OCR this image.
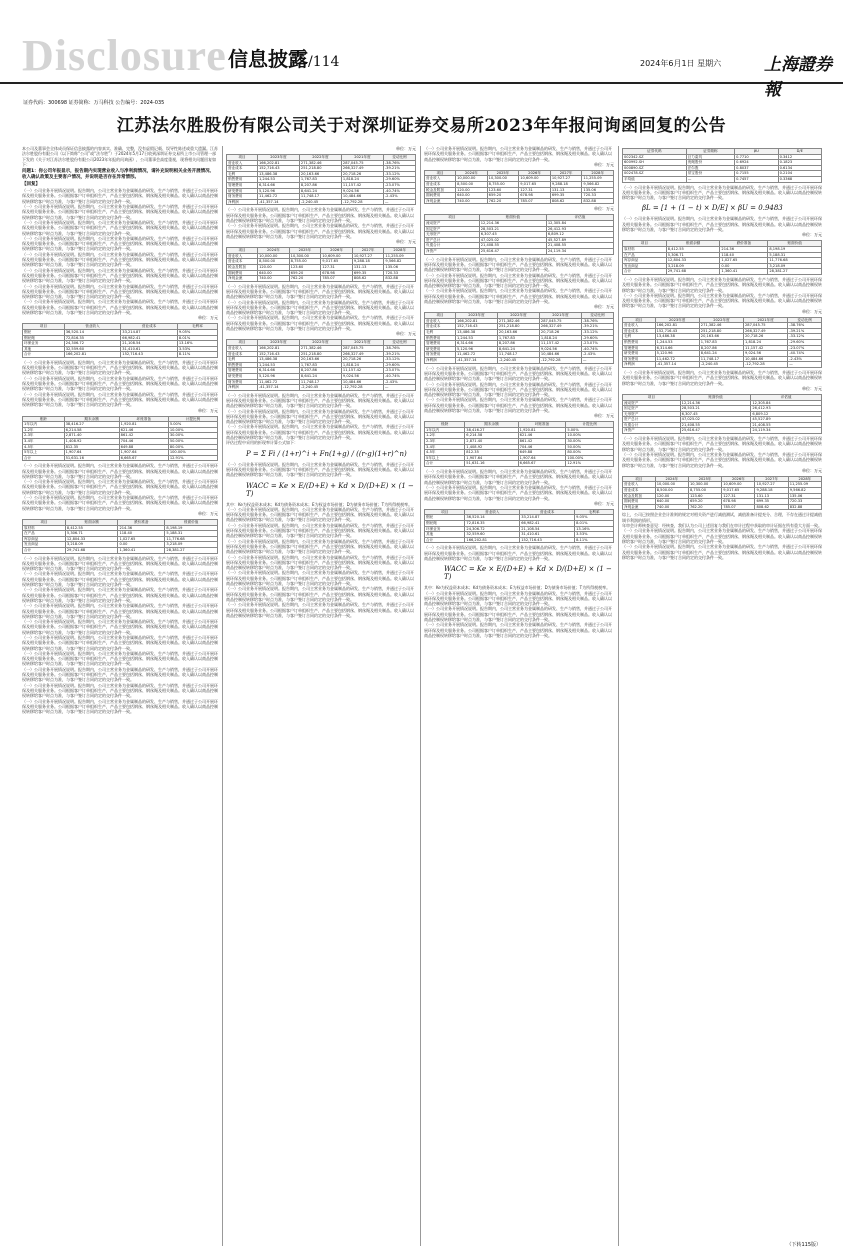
Disclosure 信息披露/114	2024年6月1日 星期六	上海證券報
证券代码：300698 证券简称：万马科技 公告编号：2024-035
江苏法尔胜股份有限公司关于对深圳证券交易所2023年年报问询函回复的公告
本公司及董事会全体成员保证信息披露的内容真实、准确、完整，没有虚假记载、误导性陈述或重大遗漏。江苏法尔胜股份有限公司（以下简称“公司”或“法尔胜”）于2024年5月17日收到深圳证券交易所上市公司管理一部下发的《关于对江苏法尔胜股份有限公司2023年年报的问询函》，公司董事会高度重视，现将相关问题回复如下：
问题1：你公司年报显示，报告期内实现营业收入与净利润情况，请补充说明相关业务开展情况、收入确认政策及主要客户情况，并说明是否存在异常情形。
【回复】
（一）公司业务开展情况说明。报告期内，公司主营业务为金属制品的研发、生产与销售，并通过子公司开展环保及相关服务业务。公司根据客户订单组织生产，产品主要包括钢丝、钢丝绳及相关制品。收入确认以商品控制权转移给客户时点为准，与客户签订合同约定的交付条件一致。
（一）公司业务开展情况说明。报告期内，公司主营业务为金属制品的研发、生产与销售，并通过子公司开展环保及相关服务业务。公司根据客户订单组织生产，产品主要包括钢丝、钢丝绳及相关制品。收入确认以商品控制权转移给客户时点为准，与客户签订合同约定的交付条件一致。
（一）公司业务开展情况说明。报告期内，公司主营业务为金属制品的研发、生产与销售，并通过子公司开展环保及相关服务业务。公司根据客户订单组织生产，产品主要包括钢丝、钢丝绳及相关制品。收入确认以商品控制权转移给客户时点为准，与客户签订合同约定的交付条件一致。
（一）公司业务开展情况说明。报告期内，公司主营业务为金属制品的研发、生产与销售，并通过子公司开展环保及相关服务业务。公司根据客户订单组织生产，产品主要包括钢丝、钢丝绳及相关制品。收入确认以商品控制权转移给客户时点为准，与客户签订合同约定的交付条件一致。
（一）公司业务开展情况说明。报告期内，公司主营业务为金属制品的研发、生产与销售，并通过子公司开展环保及相关服务业务。公司根据客户订单组织生产，产品主要包括钢丝、钢丝绳及相关制品。收入确认以商品控制权转移给客户时点为准，与客户签订合同约定的交付条件一致。
（一）公司业务开展情况说明。报告期内，公司主营业务为金属制品的研发、生产与销售，并通过子公司开展环保及相关服务业务。公司根据客户订单组织生产，产品主要包括钢丝、钢丝绳及相关制品。收入确认以商品控制权转移给客户时点为准，与客户签订合同约定的交付条件一致。
（一）公司业务开展情况说明。报告期内，公司主营业务为金属制品的研发、生产与销售，并通过子公司开展环保及相关服务业务。公司根据客户订单组织生产，产品主要包括钢丝、钢丝绳及相关制品。收入确认以商品控制权转移给客户时点为准，与客户签订合同约定的交付条件一致。
（一）公司业务开展情况说明。报告期内，公司主营业务为金属制品的研发、生产与销售，并通过子公司开展环保及相关服务业务。公司根据客户订单组织生产，产品主要包括钢丝、钢丝绳及相关制品。收入确认以商品控制权转移给客户时点为准，与客户签订合同约定的交付条件一致。
单位：万元
项目	营业收入	营业成本	毛利率
钢丝	36,520.14	33,214.87	9.05%
钢丝绳	72,816.35	66,982.41	8.01%
环保业务	24,306.72	21,108.54	13.16%
其他	32,559.60	31,410.61	3.53%
合计	166,202.81	152,716.43	8.11%
（一）公司业务开展情况说明。报告期内，公司主营业务为金属制品的研发、生产与销售，并通过子公司开展环保及相关服务业务。公司根据客户订单组织生产，产品主要包括钢丝、钢丝绳及相关制品。收入确认以商品控制权转移给客户时点为准，与客户签订合同约定的交付条件一致。
（一）公司业务开展情况说明。报告期内，公司主营业务为金属制品的研发、生产与销售，并通过子公司开展环保及相关服务业务。公司根据客户订单组织生产，产品主要包括钢丝、钢丝绳及相关制品。收入确认以商品控制权转移给客户时点为准，与客户签订合同约定的交付条件一致。
（一）公司业务开展情况说明。报告期内，公司主营业务为金属制品的研发、生产与销售，并通过子公司开展环保及相关服务业务。公司根据客户订单组织生产，产品主要包括钢丝、钢丝绳及相关制品。收入确认以商品控制权转移给客户时点为准，与客户签订合同约定的交付条件一致。
单位：万元
账龄	期末余额	坏账准备	计提比例
1年以内	38,416.27	1,920.81	5.00%
1-2年	6,214.58	621.46	10.00%
2-3年	2,871.40	861.42	30.00%
3-4年	1,408.92	704.46	50.00%
4-5年	812.35	649.88	80.00%
5年以上	1,907.64	1,907.64	100.00%
合计	51,631.16	6,665.67	12.91%
（一）公司业务开展情况说明。报告期内，公司主营业务为金属制品的研发、生产与销售，并通过子公司开展环保及相关服务业务。公司根据客户订单组织生产，产品主要包括钢丝、钢丝绳及相关制品。收入确认以商品控制权转移给客户时点为准，与客户签订合同约定的交付条件一致。
（一）公司业务开展情况说明。报告期内，公司主营业务为金属制品的研发、生产与销售，并通过子公司开展环保及相关服务业务。公司根据客户订单组织生产，产品主要包括钢丝、钢丝绳及相关制品。收入确认以商品控制权转移给客户时点为准，与客户签订合同约定的交付条件一致。
（一）公司业务开展情况说明。报告期内，公司主营业务为金属制品的研发、生产与销售，并通过子公司开展环保及相关服务业务。公司根据客户订单组织生产，产品主要包括钢丝、钢丝绳及相关制品。收入确认以商品控制权转移给客户时点为准，与客户签订合同约定的交付条件一致。
单位：万元
项目	账面余额	跌价准备	账面价值
原材料	8,412.55	214.36	8,198.19
在产品	5,306.71	118.40	5,188.31
库存商品	12,804.33	1,027.65	11,776.68
发出商品	3,218.09	0.00	3,218.09
合计	29,741.68	1,360.41	28,381.27
（一）公司业务开展情况说明。报告期内，公司主营业务为金属制品的研发、生产与销售，并通过子公司开展环保及相关服务业务。公司根据客户订单组织生产，产品主要包括钢丝、钢丝绳及相关制品。收入确认以商品控制权转移给客户时点为准，与客户签订合同约定的交付条件一致。
（一）公司业务开展情况说明。报告期内，公司主营业务为金属制品的研发、生产与销售，并通过子公司开展环保及相关服务业务。公司根据客户订单组织生产，产品主要包括钢丝、钢丝绳及相关制品。收入确认以商品控制权转移给客户时点为准，与客户签订合同约定的交付条件一致。
（一）公司业务开展情况说明。报告期内，公司主营业务为金属制品的研发、生产与销售，并通过子公司开展环保及相关服务业务。公司根据客户订单组织生产，产品主要包括钢丝、钢丝绳及相关制品。收入确认以商品控制权转移给客户时点为准，与客户签订合同约定的交付条件一致。
（一）公司业务开展情况说明。报告期内，公司主营业务为金属制品的研发、生产与销售，并通过子公司开展环保及相关服务业务。公司根据客户订单组织生产，产品主要包括钢丝、钢丝绳及相关制品。收入确认以商品控制权转移给客户时点为准，与客户签订合同约定的交付条件一致。
（一）公司业务开展情况说明。报告期内，公司主营业务为金属制品的研发、生产与销售，并通过子公司开展环保及相关服务业务。公司根据客户订单组织生产，产品主要包括钢丝、钢丝绳及相关制品。收入确认以商品控制权转移给客户时点为准，与客户签订合同约定的交付条件一致。
（一）公司业务开展情况说明。报告期内，公司主营业务为金属制品的研发、生产与销售，并通过子公司开展环保及相关服务业务。公司根据客户订单组织生产，产品主要包括钢丝、钢丝绳及相关制品。收入确认以商品控制权转移给客户时点为准，与客户签订合同约定的交付条件一致。
（一）公司业务开展情况说明。报告期内，公司主营业务为金属制品的研发、生产与销售，并通过子公司开展环保及相关服务业务。公司根据客户订单组织生产，产品主要包括钢丝、钢丝绳及相关制品。收入确认以商品控制权转移给客户时点为准，与客户签订合同约定的交付条件一致。
（一）公司业务开展情况说明。报告期内，公司主营业务为金属制品的研发、生产与销售，并通过子公司开展环保及相关服务业务。公司根据客户订单组织生产，产品主要包括钢丝、钢丝绳及相关制品。收入确认以商品控制权转移给客户时点为准，与客户签订合同约定的交付条件一致。
（一）公司业务开展情况说明。报告期内，公司主营业务为金属制品的研发、生产与销售，并通过子公司开展环保及相关服务业务。公司根据客户订单组织生产，产品主要包括钢丝、钢丝绳及相关制品。收入确认以商品控制权转移给客户时点为准，与客户签订合同约定的交付条件一致。
（一）公司业务开展情况说明。报告期内，公司主营业务为金属制品的研发、生产与销售，并通过子公司开展环保及相关服务业务。公司根据客户订单组织生产，产品主要包括钢丝、钢丝绳及相关制品。收入确认以商品控制权转移给客户时点为准，与客户签订合同约定的交付条件一致。
单位：万元
项目	2023年度	2022年度	2021年度	变动比例
营业收入	166,202.81	271,382.46	287,045.75	-38.76%
营业成本	152,716.43	251,218.80	266,327.49	-39.21%
毛利	13,486.38	20,163.66	20,718.26	-33.12%
销售费用	1,244.53	1,767.83	1,818.24	-29.60%
管理费用	6,314.66	8,207.86	11,157.42	-23.07%
研发费用	5,120.96	8,641.24	9,024.56	-40.74%
财务费用	11,462.72	11,748.17	10,484.66	-2.43%
净利润	-41,357.14	-2,240.45	-12,792.28	—
（一）公司业务开展情况说明。报告期内，公司主营业务为金属制品的研发、生产与销售，并通过子公司开展环保及相关服务业务。公司根据客户订单组织生产，产品主要包括钢丝、钢丝绳及相关制品。收入确认以商品控制权转移给客户时点为准，与客户签订合同约定的交付条件一致。
（一）公司业务开展情况说明。报告期内，公司主营业务为金属制品的研发、生产与销售，并通过子公司开展环保及相关服务业务。公司根据客户订单组织生产，产品主要包括钢丝、钢丝绳及相关制品。收入确认以商品控制权转移给客户时点为准，与客户签订合同约定的交付条件一致。
单位：万元
项目	2024年	2025年	2026年	2027年	2028年
营业收入	10,000.00	10,300.00	10,609.00	10,927.27	11,255.09
营业成本	8,500.00	8,755.00	9,017.65	9,288.18	9,566.82
税金及附加	120.00	123.60	127.31	131.13	135.06
期间费用	640.00	659.20	678.98	699.35	720.33
净现金流	740.00	762.20	785.07	808.62	832.88
（一）公司业务开展情况说明。报告期内，公司主营业务为金属制品的研发、生产与销售，并通过子公司开展环保及相关服务业务。公司根据客户订单组织生产，产品主要包括钢丝、钢丝绳及相关制品。收入确认以商品控制权转移给客户时点为准，与客户签订合同约定的交付条件一致。
（一）公司业务开展情况说明。报告期内，公司主营业务为金属制品的研发、生产与销售，并通过子公司开展环保及相关服务业务。公司根据客户订单组织生产，产品主要包括钢丝、钢丝绳及相关制品。收入确认以商品控制权转移给客户时点为准，与客户签订合同约定的交付条件一致。
（一）公司业务开展情况说明。报告期内，公司主营业务为金属制品的研发、生产与销售，并通过子公司开展环保及相关服务业务。公司根据客户订单组织生产，产品主要包括钢丝、钢丝绳及相关制品。收入确认以商品控制权转移给客户时点为准，与客户签订合同约定的交付条件一致。
单位：万元
项目	2023年度	2022年度	2021年度	变动比例
营业收入	166,202.81	271,382.46	287,045.75	-38.76%
营业成本	152,716.43	251,218.80	266,327.49	-39.21%
毛利	13,486.38	20,163.66	20,718.26	-33.12%
销售费用	1,244.53	1,767.83	1,818.24	-29.60%
管理费用	6,314.66	8,207.86	11,157.42	-23.07%
研发费用	5,120.96	8,641.24	9,024.56	-40.74%
财务费用	11,462.72	11,748.17	10,484.66	-2.43%
净利润	-41,357.14	-2,240.45	-12,792.28	—
（一）公司业务开展情况说明。报告期内，公司主营业务为金属制品的研发、生产与销售，并通过子公司开展环保及相关服务业务。公司根据客户订单组织生产，产品主要包括钢丝、钢丝绳及相关制品。收入确认以商品控制权转移给客户时点为准，与客户签订合同约定的交付条件一致。
（一）公司业务开展情况说明。报告期内，公司主营业务为金属制品的研发、生产与销售，并通过子公司开展环保及相关服务业务。公司根据客户订单组织生产，产品主要包括钢丝、钢丝绳及相关制品。收入确认以商品控制权转移给客户时点为准，与客户签订合同约定的交付条件一致。
（一）公司业务开展情况说明。报告期内，公司主营业务为金属制品的研发、生产与销售，并通过子公司开展环保及相关服务业务。公司根据客户订单组织生产，产品主要包括钢丝、钢丝绳及相关制品。收入确认以商品控制权转移给客户时点为准，与客户签订合同约定的交付条件一致。
评估过程中采用的折现率计算公式如下：
P = Σ Fi / (1+r)^i + Fn(1+g) / ((r-g)(1+r)^n)
（一）公司业务开展情况说明。报告期内，公司主营业务为金属制品的研发、生产与销售，并通过子公司开展环保及相关服务业务。公司根据客户订单组织生产，产品主要包括钢丝、钢丝绳及相关制品。收入确认以商品控制权转移给客户时点为准，与客户签订合同约定的交付条件一致。
WACC = Ke × E/(D+E) + Kd × D/(D+E) × (1 − T)
其中：Ke为权益资本成本；Kd为债务资本成本；E为权益市场价值；D为债务市场价值；T为所得税税率。
（一）公司业务开展情况说明。报告期内，公司主营业务为金属制品的研发、生产与销售，并通过子公司开展环保及相关服务业务。公司根据客户订单组织生产，产品主要包括钢丝、钢丝绳及相关制品。收入确认以商品控制权转移给客户时点为准，与客户签订合同约定的交付条件一致。
（一）公司业务开展情况说明。报告期内，公司主营业务为金属制品的研发、生产与销售，并通过子公司开展环保及相关服务业务。公司根据客户订单组织生产，产品主要包括钢丝、钢丝绳及相关制品。收入确认以商品控制权转移给客户时点为准，与客户签订合同约定的交付条件一致。
（一）公司业务开展情况说明。报告期内，公司主营业务为金属制品的研发、生产与销售，并通过子公司开展环保及相关服务业务。公司根据客户订单组织生产，产品主要包括钢丝、钢丝绳及相关制品。收入确认以商品控制权转移给客户时点为准，与客户签订合同约定的交付条件一致。
（一）公司业务开展情况说明。报告期内，公司主营业务为金属制品的研发、生产与销售，并通过子公司开展环保及相关服务业务。公司根据客户订单组织生产，产品主要包括钢丝、钢丝绳及相关制品。收入确认以商品控制权转移给客户时点为准，与客户签订合同约定的交付条件一致。
（一）公司业务开展情况说明。报告期内，公司主营业务为金属制品的研发、生产与销售，并通过子公司开展环保及相关服务业务。公司根据客户订单组织生产，产品主要包括钢丝、钢丝绳及相关制品。收入确认以商品控制权转移给客户时点为准，与客户签订合同约定的交付条件一致。
（一）公司业务开展情况说明。报告期内，公司主营业务为金属制品的研发、生产与销售，并通过子公司开展环保及相关服务业务。公司根据客户订单组织生产，产品主要包括钢丝、钢丝绳及相关制品。收入确认以商品控制权转移给客户时点为准，与客户签订合同约定的交付条件一致。
（一）公司业务开展情况说明。报告期内，公司主营业务为金属制品的研发、生产与销售，并通过子公司开展环保及相关服务业务。公司根据客户订单组织生产，产品主要包括钢丝、钢丝绳及相关制品。收入确认以商品控制权转移给客户时点为准，与客户签订合同约定的交付条件一致。
（一）公司业务开展情况说明。报告期内，公司主营业务为金属制品的研发、生产与销售，并通过子公司开展环保及相关服务业务。公司根据客户订单组织生产，产品主要包括钢丝、钢丝绳及相关制品。收入确认以商品控制权转移给客户时点为准，与客户签订合同约定的交付条件一致。
单位：万元
项目	2024年	2025年	2026年	2027年	2028年
营业收入	10,000.00	10,300.00	10,609.00	10,927.27	11,255.09
营业成本	8,500.00	8,755.00	9,017.65	9,288.18	9,566.82
税金及附加	120.00	123.60	127.31	131.13	135.06
期间费用	640.00	659.20	678.98	699.35	720.33
净现金流	740.00	762.20	785.07	808.62	832.88
单位：万元
项目	账面价值	评估值
流动资产	12,214.36	12,305.84
固定资产	28,503.21	26,412.93
无形资产	6,307.45	6,809.12
资产总计	47,025.02	45,527.89
负债合计	21,408.55	21,408.55
净资产	25,616.47	24,119.34
（一）公司业务开展情况说明。报告期内，公司主营业务为金属制品的研发、生产与销售，并通过子公司开展环保及相关服务业务。公司根据客户订单组织生产，产品主要包括钢丝、钢丝绳及相关制品。收入确认以商品控制权转移给客户时点为准，与客户签订合同约定的交付条件一致。
（一）公司业务开展情况说明。报告期内，公司主营业务为金属制品的研发、生产与销售，并通过子公司开展环保及相关服务业务。公司根据客户订单组织生产，产品主要包括钢丝、钢丝绳及相关制品。收入确认以商品控制权转移给客户时点为准，与客户签订合同约定的交付条件一致。
（一）公司业务开展情况说明。报告期内，公司主营业务为金属制品的研发、生产与销售，并通过子公司开展环保及相关服务业务。公司根据客户订单组织生产，产品主要包括钢丝、钢丝绳及相关制品。收入确认以商品控制权转移给客户时点为准，与客户签订合同约定的交付条件一致。
单位：万元
项目	2023年度	2022年度	2021年度	变动比例
营业收入	166,202.81	271,382.46	287,045.75	-38.76%
营业成本	152,716.43	251,218.80	266,327.49	-39.21%
毛利	13,486.38	20,163.66	20,718.26	-33.12%
销售费用	1,244.53	1,767.83	1,818.24	-29.60%
管理费用	6,314.66	8,207.86	11,157.42	-23.07%
研发费用	5,120.96	8,641.24	9,024.56	-40.74%
财务费用	11,462.72	11,748.17	10,484.66	-2.43%
净利润	-41,357.14	-2,240.45	-12,792.28	—
（一）公司业务开展情况说明。报告期内，公司主营业务为金属制品的研发、生产与销售，并通过子公司开展环保及相关服务业务。公司根据客户订单组织生产，产品主要包括钢丝、钢丝绳及相关制品。收入确认以商品控制权转移给客户时点为准，与客户签订合同约定的交付条件一致。
（一）公司业务开展情况说明。报告期内，公司主营业务为金属制品的研发、生产与销售，并通过子公司开展环保及相关服务业务。公司根据客户订单组织生产，产品主要包括钢丝、钢丝绳及相关制品。收入确认以商品控制权转移给客户时点为准，与客户签订合同约定的交付条件一致。
（一）公司业务开展情况说明。报告期内，公司主营业务为金属制品的研发、生产与销售，并通过子公司开展环保及相关服务业务。公司根据客户订单组织生产，产品主要包括钢丝、钢丝绳及相关制品。收入确认以商品控制权转移给客户时点为准，与客户签订合同约定的交付条件一致。
单位：万元
账龄	期末余额	坏账准备	计提比例
1年以内	38,416.27	1,920.81	5.00%
1-2年	6,214.58	621.46	10.00%
2-3年	2,871.40	861.42	30.00%
3-4年	1,408.92	704.46	50.00%
4-5年	812.35	649.88	80.00%
5年以上	1,907.64	1,907.64	100.00%
合计	51,631.16	6,665.67	12.91%
（一）公司业务开展情况说明。报告期内，公司主营业务为金属制品的研发、生产与销售，并通过子公司开展环保及相关服务业务。公司根据客户订单组织生产，产品主要包括钢丝、钢丝绳及相关制品。收入确认以商品控制权转移给客户时点为准，与客户签订合同约定的交付条件一致。
（一）公司业务开展情况说明。报告期内，公司主营业务为金属制品的研发、生产与销售，并通过子公司开展环保及相关服务业务。公司根据客户订单组织生产，产品主要包括钢丝、钢丝绳及相关制品。收入确认以商品控制权转移给客户时点为准，与客户签订合同约定的交付条件一致。
单位：万元
项目	营业收入	营业成本	毛利率
钢丝	36,520.14	33,214.87	9.05%
钢丝绳	72,816.35	66,982.41	8.01%
环保业务	24,306.72	21,108.54	13.16%
其他	32,559.60	31,410.61	3.53%
合计	166,202.81	152,716.43	8.11%
（一）公司业务开展情况说明。报告期内，公司主营业务为金属制品的研发、生产与销售，并通过子公司开展环保及相关服务业务。公司根据客户订单组织生产，产品主要包括钢丝、钢丝绳及相关制品。收入确认以商品控制权转移给客户时点为准，与客户签订合同约定的交付条件一致。
WACC = Ke × E/(D+E) + Kd × D/(D+E) × (1 − T)
其中：Ke为权益资本成本；Kd为债务资本成本；E为权益市场价值；D为债务市场价值；T为所得税税率。
（一）公司业务开展情况说明。报告期内，公司主营业务为金属制品的研发、生产与销售，并通过子公司开展环保及相关服务业务。公司根据客户订单组织生产，产品主要包括钢丝、钢丝绳及相关制品。收入确认以商品控制权转移给客户时点为准，与客户签订合同约定的交付条件一致。
（一）公司业务开展情况说明。报告期内，公司主营业务为金属制品的研发、生产与销售，并通过子公司开展环保及相关服务业务。公司根据客户订单组织生产，产品主要包括钢丝、钢丝绳及相关制品。收入确认以商品控制权转移给客户时点为准，与客户签订合同约定的交付条件一致。
（一）公司业务开展情况说明。报告期内，公司主营业务为金属制品的研发、生产与销售，并通过子公司开展环保及相关服务业务。公司根据客户订单组织生产，产品主要包括钢丝、钢丝绳及相关制品。收入确认以商品控制权转移给客户时点为准，与客户签订合同约定的交付条件一致。
证券代码	证券简称	βU	D/E
002342.SZ	巨力索具	0.7710	0.3412
600992.SH	贵绳股份	0.6924	0.1823
000890.SZ	法尔胜	0.8037	0.6134
002478.SZ	常宝股份	0.7155	0.2104
平均值	—	0.7457	0.3368
（一）公司业务开展情况说明。报告期内，公司主营业务为金属制品的研发、生产与销售，并通过子公司开展环保及相关服务业务。公司根据客户订单组织生产，产品主要包括钢丝、钢丝绳及相关制品。收入确认以商品控制权转移给客户时点为准，与客户签订合同约定的交付条件一致。
βL = [1 + (1 − t) × D/E] × βU = 0.9483
（一）公司业务开展情况说明。报告期内，公司主营业务为金属制品的研发、生产与销售，并通过子公司开展环保及相关服务业务。公司根据客户订单组织生产，产品主要包括钢丝、钢丝绳及相关制品。收入确认以商品控制权转移给客户时点为准，与客户签订合同约定的交付条件一致。
单位：万元
项目	账面余额	跌价准备	账面价值
原材料	8,412.55	214.36	8,198.19
在产品	5,306.71	118.40	5,188.31
库存商品	12,804.33	1,027.65	11,776.68
发出商品	3,218.09	0.00	3,218.09
合计	29,741.68	1,360.41	28,381.27
（一）公司业务开展情况说明。报告期内，公司主营业务为金属制品的研发、生产与销售，并通过子公司开展环保及相关服务业务。公司根据客户订单组织生产，产品主要包括钢丝、钢丝绳及相关制品。收入确认以商品控制权转移给客户时点为准，与客户签订合同约定的交付条件一致。
（一）公司业务开展情况说明。报告期内，公司主营业务为金属制品的研发、生产与销售，并通过子公司开展环保及相关服务业务。公司根据客户订单组织生产，产品主要包括钢丝、钢丝绳及相关制品。收入确认以商品控制权转移给客户时点为准，与客户签订合同约定的交付条件一致。
单位：万元
项目	2023年度	2022年度	2021年度	变动比例
营业收入	166,202.81	271,382.46	287,045.75	-38.76%
营业成本	152,716.43	251,218.80	266,327.49	-39.21%
毛利	13,486.38	20,163.66	20,718.26	-33.12%
销售费用	1,244.53	1,767.83	1,818.24	-29.60%
管理费用	6,314.66	8,207.86	11,157.42	-23.07%
研发费用	5,120.96	8,641.24	9,024.56	-40.74%
财务费用	11,462.72	11,748.17	10,484.66	-2.43%
净利润	-41,357.14	-2,240.45	-12,792.28	—
（一）公司业务开展情况说明。报告期内，公司主营业务为金属制品的研发、生产与销售，并通过子公司开展环保及相关服务业务。公司根据客户订单组织生产，产品主要包括钢丝、钢丝绳及相关制品。收入确认以商品控制权转移给客户时点为准，与客户签订合同约定的交付条件一致。
单位：万元
项目	账面价值	评估值
流动资产	12,214.36	12,305.84
固定资产	28,503.21	26,412.93
无形资产	6,307.45	6,809.12
资产总计	47,025.02	45,527.89
负债合计	21,408.55	21,408.55
净资产	25,616.47	24,119.34
（一）公司业务开展情况说明。报告期内，公司主营业务为金属制品的研发、生产与销售，并通过子公司开展环保及相关服务业务。公司根据客户订单组织生产，产品主要包括钢丝、钢丝绳及相关制品。收入确认以商品控制权转移给客户时点为准，与客户签订合同约定的交付条件一致。
（一）公司业务开展情况说明。报告期内，公司主营业务为金属制品的研发、生产与销售，并通过子公司开展环保及相关服务业务。公司根据客户订单组织生产，产品主要包括钢丝、钢丝绳及相关制品。收入确认以商品控制权转移给客户时点为准，与客户签订合同约定的交付条件一致。
单位：万元
项目	2024年	2025年	2026年	2027年	2028年
营业收入	10,000.00	10,300.00	10,609.00	10,927.27	11,255.09
营业成本	8,500.00	8,755.00	9,017.65	9,288.18	9,566.82
税金及附加	120.00	123.60	127.31	131.13	135.06
期间费用	640.00	659.20	678.98	699.35	720.33
净现金流	740.00	762.20	785.07	808.62	832.88
综上，公司已按照企业会计准则的规定对相关资产进行减值测试，减值准备计提充分、合理，不存在通过计提减值调节利润的情形。
年审会计师核查意见：经核查，我们认为公司上述回复与我们在审计过程中获取的审计证据在所有重大方面一致。
（一）公司业务开展情况说明。报告期内，公司主营业务为金属制品的研发、生产与销售，并通过子公司开展环保及相关服务业务。公司根据客户订单组织生产，产品主要包括钢丝、钢丝绳及相关制品。收入确认以商品控制权转移给客户时点为准，与客户签订合同约定的交付条件一致。
（一）公司业务开展情况说明。报告期内，公司主营业务为金属制品的研发、生产与销售，并通过子公司开展环保及相关服务业务。公司根据客户订单组织生产，产品主要包括钢丝、钢丝绳及相关制品。收入确认以商品控制权转移给客户时点为准，与客户签订合同约定的交付条件一致。
（下转115版）
